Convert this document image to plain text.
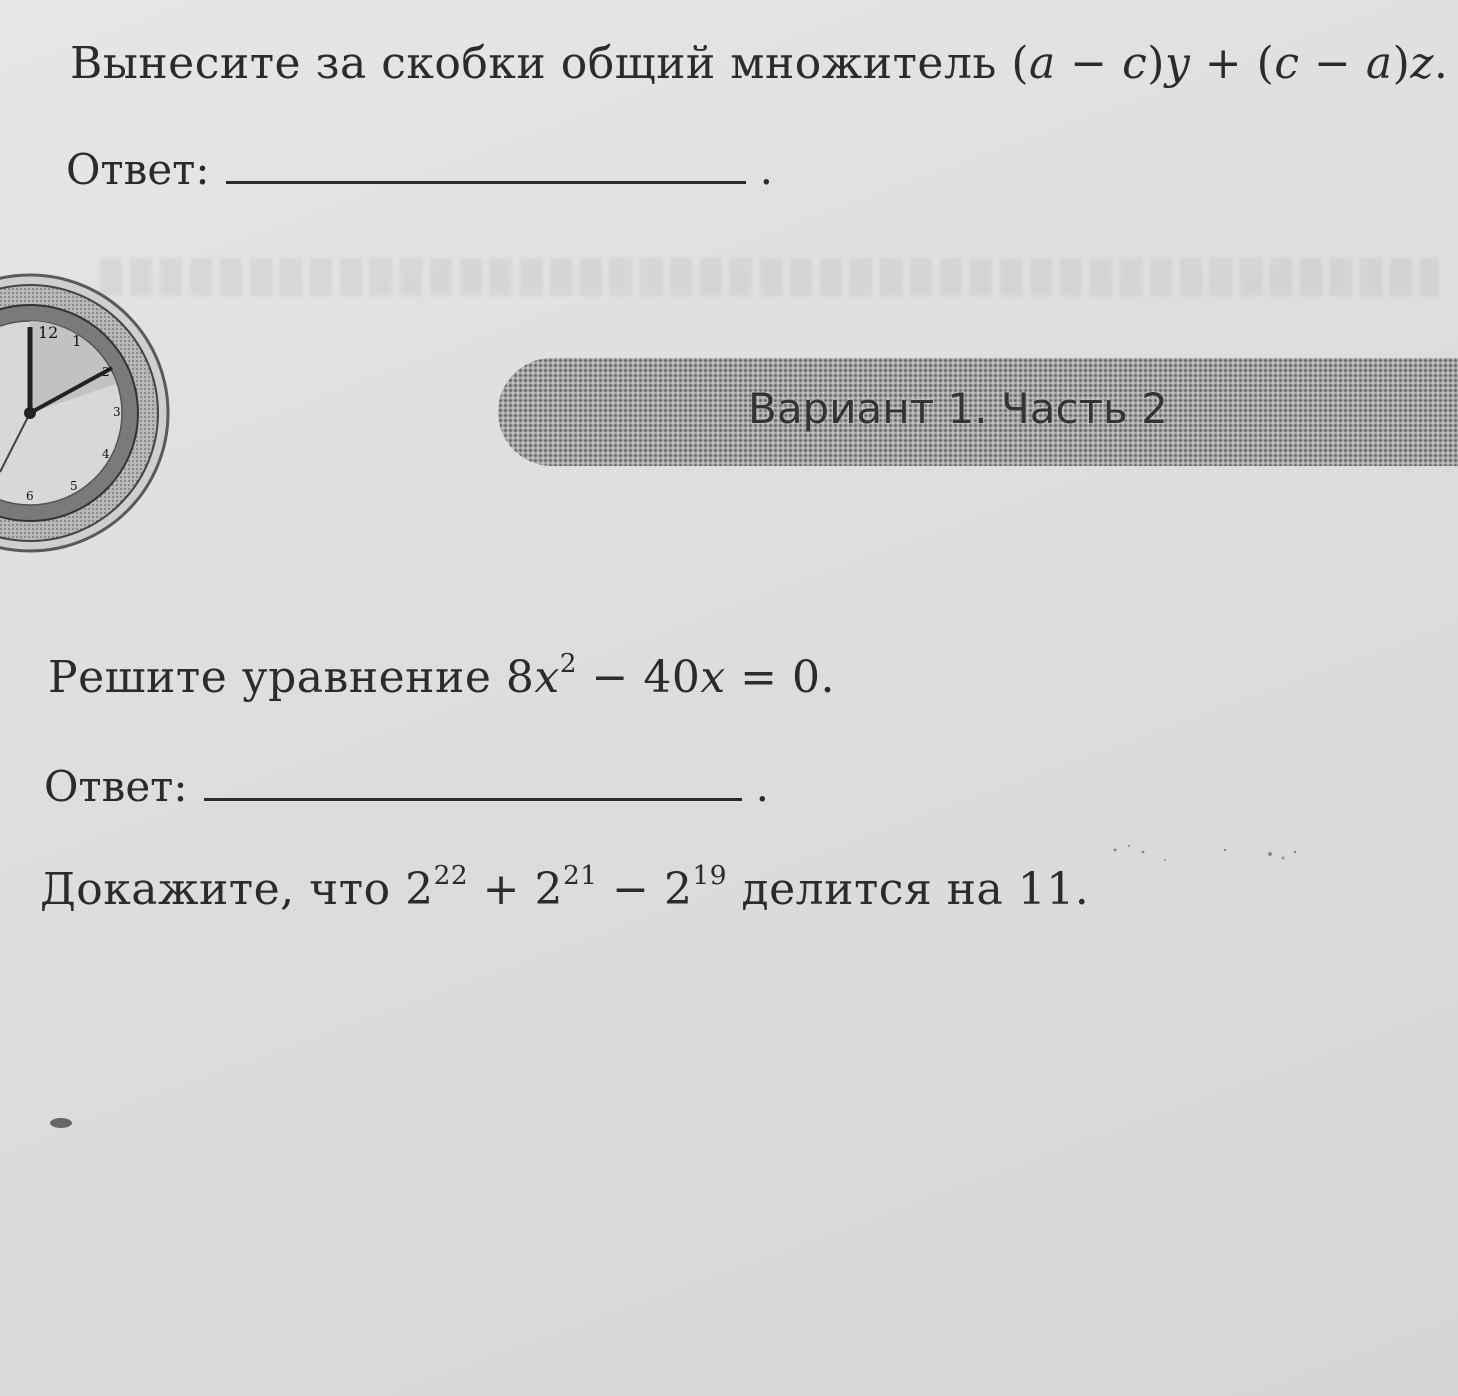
Вынесите за скобки общий множитель (a − c)y + (c − a)z.
Ответ:	.
12 1
2
3
4
5
6
Вариант 1. Часть 2
Решите уравнение $8x^2 - 40x = 0$.
Ответ:	.
Докажите, что $2^{22} + 2^{21} - 2^{19}$ делится на 11.
